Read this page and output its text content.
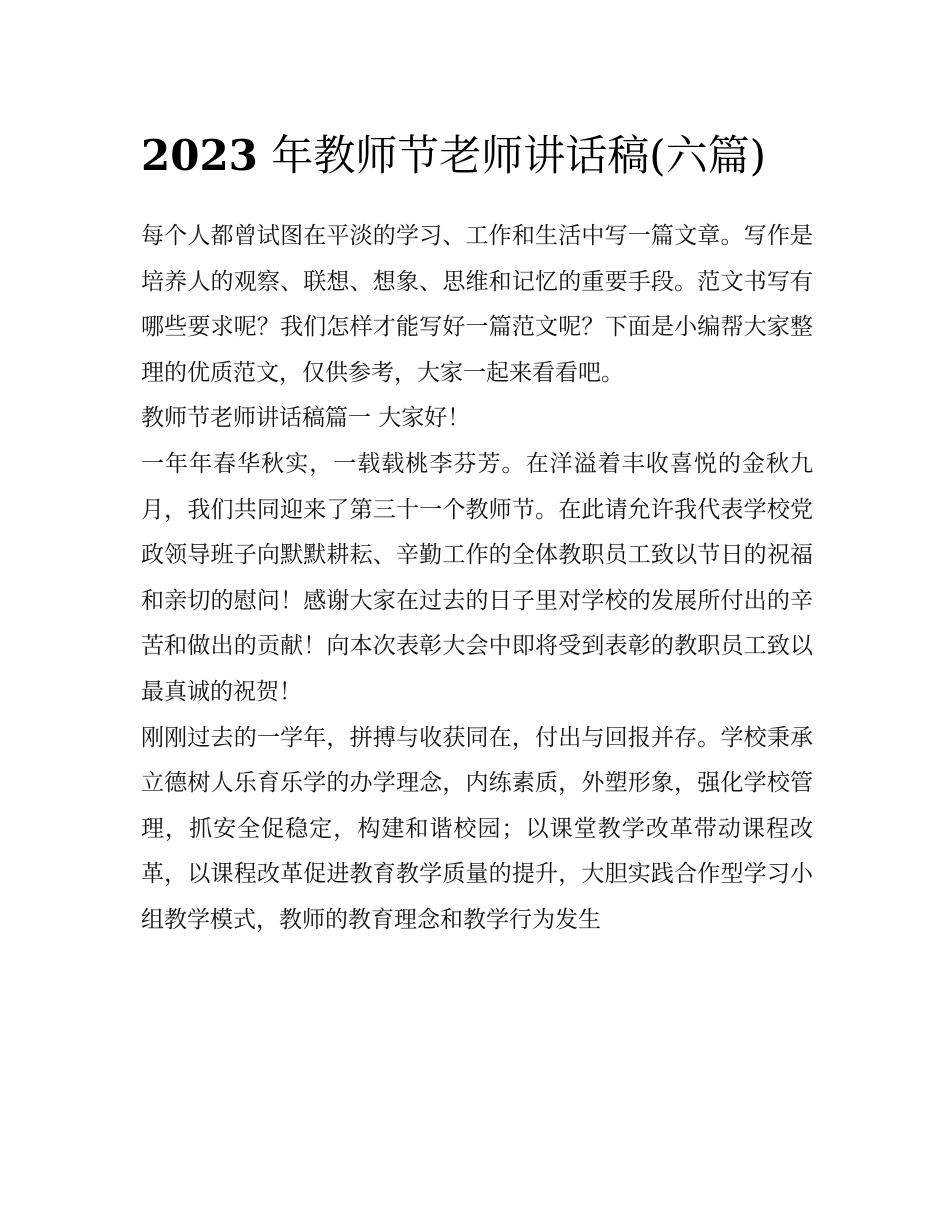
2023 年教师节老师讲话稿(六篇)

每个人都曾试图在平淡的学习、工作和生活中写一篇文章。写作是培养人的观察、联想、想象、思维和记忆的重要手段。范文书写有哪些要求呢？我们怎样才能写好一篇范文呢？下面是小编帮大家整理的优质范文，仅供参考，大家一起来看看吧。

教师节老师讲话稿篇一 大家好！

一年年春华秋实，一载载桃李芬芳。在洋溢着丰收喜悦的金秋九月，我们共同迎来了第三十一个教师节。在此请允许我代表学校党政领导班子向默默耕耘、辛勤工作的全体教职员工致以节日的祝福和亲切的慰问！感谢大家在过去的日子里对学校的发展所付出的辛苦和做出的贡献！向本次表彰大会中即将受到表彰的教职员工致以最真诚的祝贺！

刚刚过去的一学年，拼搏与收获同在，付出与回报并存。学校秉承立德树人乐育乐学的办学理念，内练素质，外塑形象，强化学校管理，抓安全促稳定，构建和谐校园；以课堂教学改革带动课程改革，以课程改革促进教育教学质量的提升，大胆实践合作型学习小组教学模式，教师的教育理念和教学行为发生
